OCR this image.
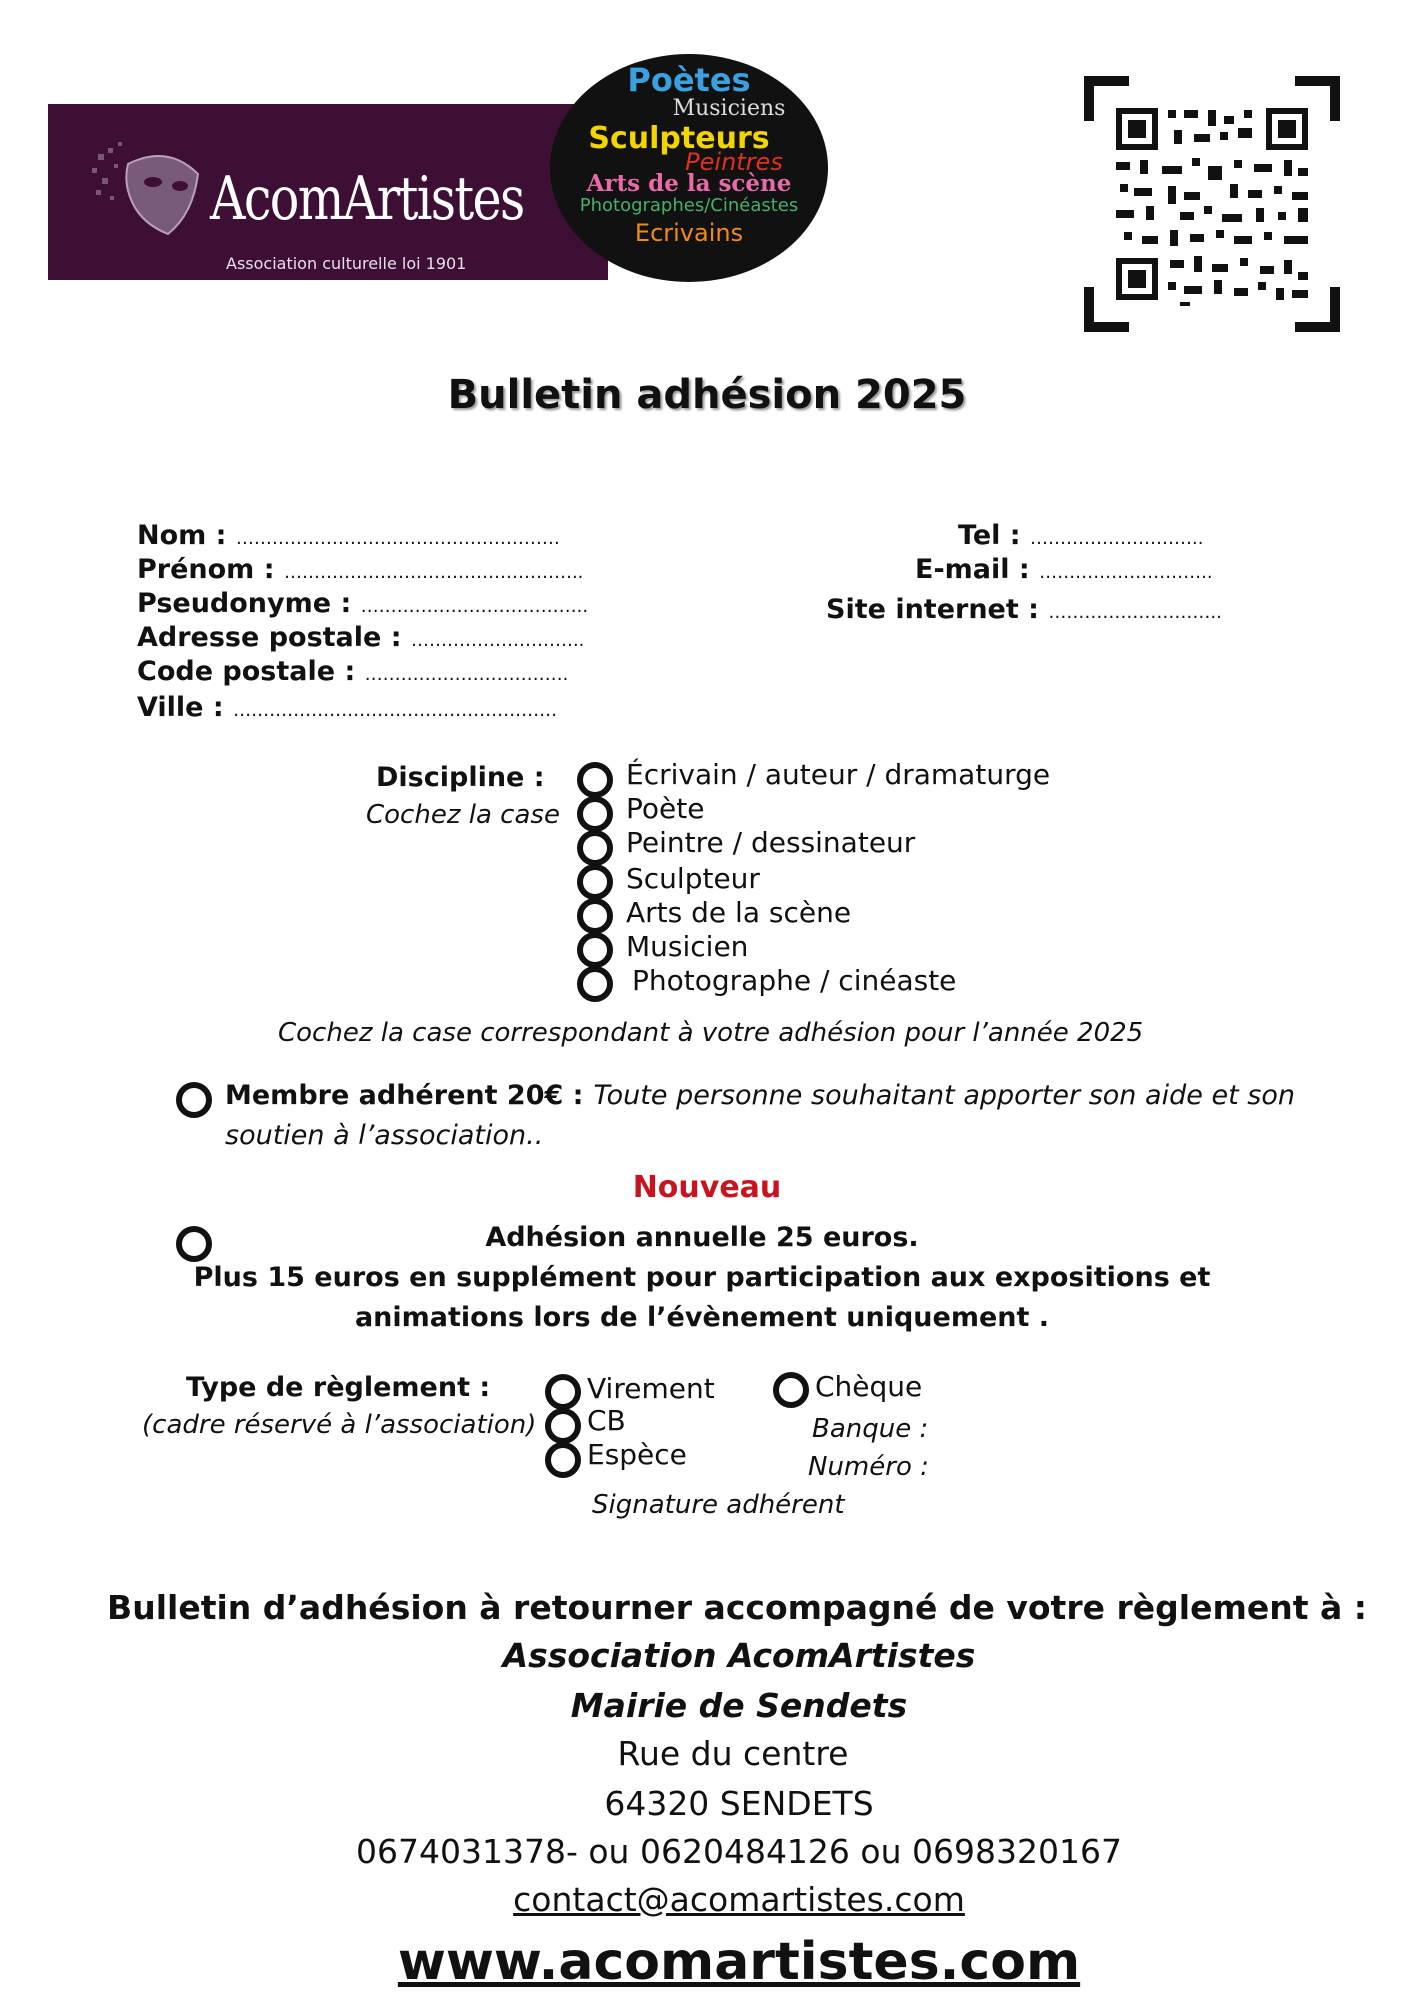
AcomArtistes
Association culturelle loi 1901
Poètes
Musiciens
Sculpteurs
Peintres
Arts de la scène
Photographes/Cinéastes
Ecrivains
Bulletin adhésion 2025
Nom : ………………………………………………
Prénom : …………………………………………..
Pseudonyme : ………………………………..
Adresse postale : ………………………..
Code postale : …………………………….
Ville : ………………………………………………
Tel : ………………………..
E-mail : ………………………..
Site internet : ………………………..
Discipline :
Cochez la case
Écrivain / auteur / dramaturge
Poète
Peintre / dessinateur
Sculpteur
Arts de la scène
Musicien
Photographe / cinéaste
Cochez la case correspondant à votre adhésion pour l’année 2025
Membre adhérent 20€ : Toute personne souhaitant apporter son aide et son
soutien à l’association..
Nouveau
Adhésion annuelle 25 euros.
Plus 15 euros en supplément pour participation aux expositions et
animations lors de l’évènement uniquement .
Type de règlement :
(cadre réservé à l’association)
Virement
CB
Espèce
Chèque
Banque :
Numéro :
Signature adhérent
Bulletin d’adhésion à retourner accompagné de votre règlement à :
Association AcomArtistes
Mairie de Sendets
Rue du centre
64320 SENDETS
0674031378- ou 0620484126 ou 0698320167
contact@acomartistes.com
www.acomartistes.com
